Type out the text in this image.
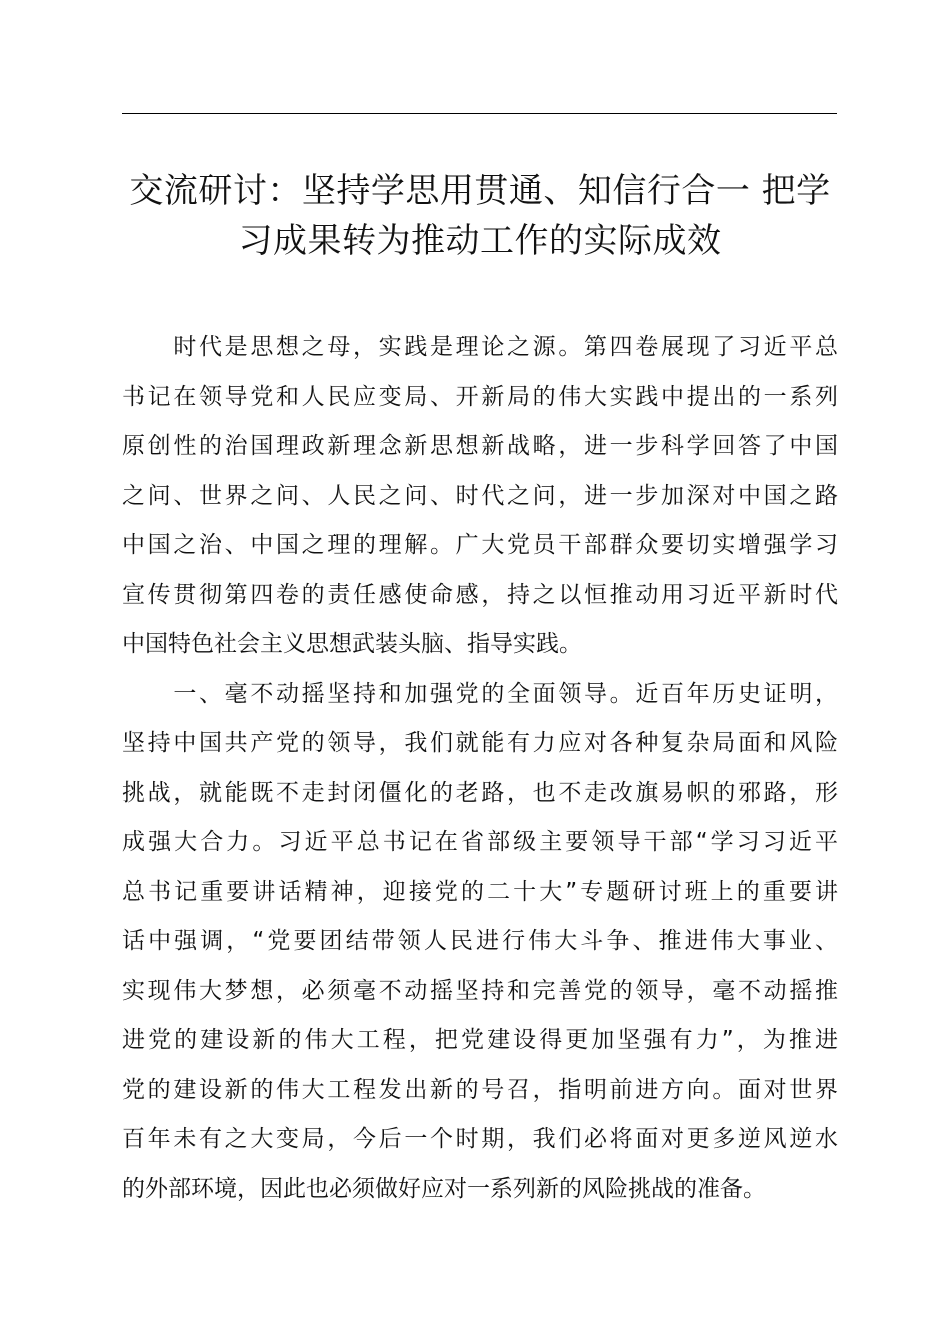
交流研讨：坚持学思用贯通、知信行合一 把学
习成果转为推动工作的实际成效
　　时代是思想之母，实践是理论之源。第四卷展现了习近平总
书记在领导党和人民应变局、开新局的伟大实践中提出的一系列
原创性的治国理政新理念新思想新战略，进一步科学回答了中国
之问、世界之问、人民之问、时代之问，进一步加深对中国之路
中国之治、中国之理的理解。广大党员干部群众要切实增强学习
宣传贯彻第四卷的责任感使命感，持之以恒推动用习近平新时代
中国特色社会主义思想武装头脑、指导实践。
　　一、毫不动摇坚持和加强党的全面领导。近百年历史证明，
坚持中国共产党的领导，我们就能有力应对各种复杂局面和风险
挑战，就能既不走封闭僵化的老路，也不走改旗易帜的邪路，形
成强大合力。习近平总书记在省部级主要领导干部“学习习近平
总书记重要讲话精神，迎接党的二十大”专题研讨班上的重要讲
话中强调，“党要团结带领人民进行伟大斗争、推进伟大事业、
实现伟大梦想，必须毫不动摇坚持和完善党的领导，毫不动摇推
进党的建设新的伟大工程，把党建设得更加坚强有力”，为推进
党的建设新的伟大工程发出新的号召，指明前进方向。面对世界
百年未有之大变局，今后一个时期，我们必将面对更多逆风逆水
的外部环境，因此也必须做好应对一系列新的风险挑战的准备。
